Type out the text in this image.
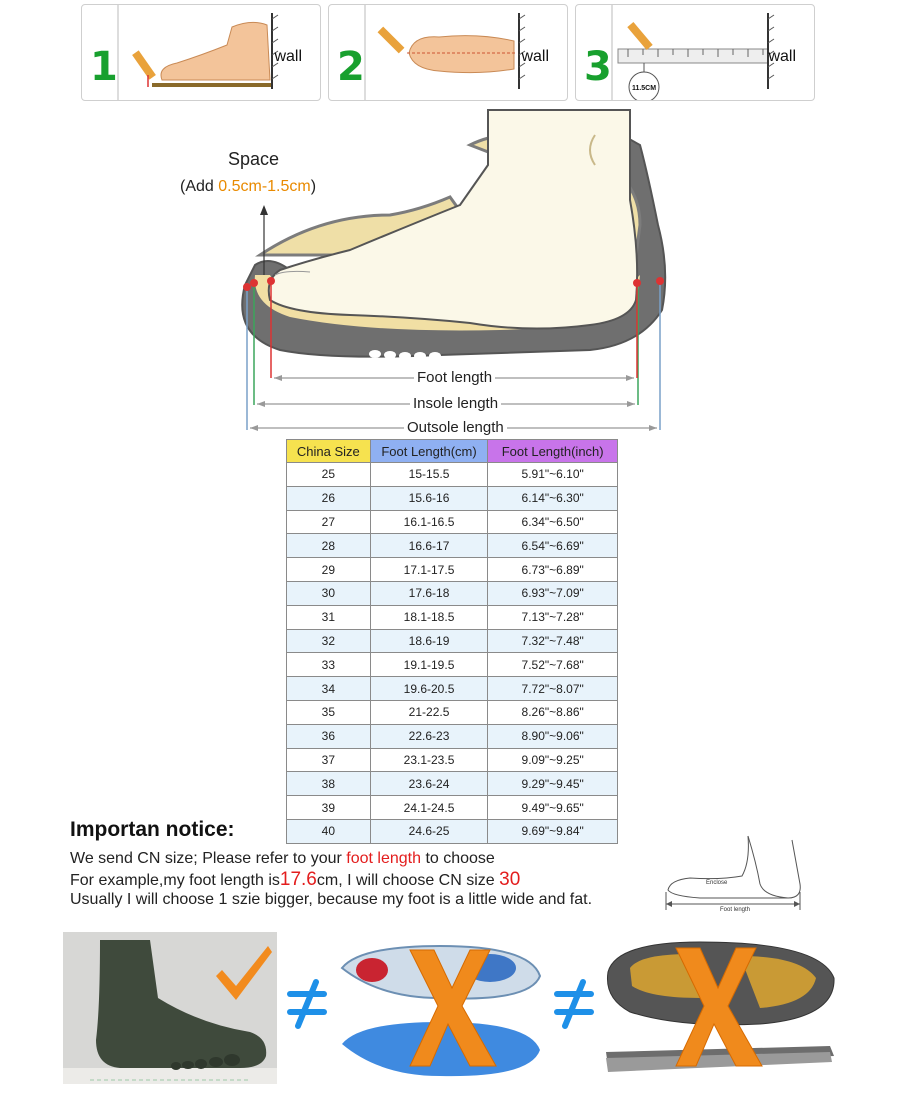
1	wall 2	wall
11.5CM
3	wall
Space
(Add 0.5cm-1.5cm)
Foot length
Insole length
Outsole length
China Size	Foot Length(cm)	Foot Length(inch)
25	15-15.5	5.91"~6.10"
26	15.6-16	6.14"~6.30"
27	16.1-16.5	6.34"~6.50"
28	16.6-17	6.54"~6.69"
29	17.1-17.5	6.73"~6.89"
30	17.6-18	6.93"~7.09"
31	18.1-18.5	7.13"~7.28"
32	18.6-19	7.32"~7.48"
33	19.1-19.5	7.52"~7.68"
34	19.6-20.5	7.72"~8.07"
35	21-22.5	8.26"~8.86"
36	22.6-23	8.90"~9.06"
37	23.1-23.5	9.09"~9.25"
38	23.6-24	9.29"~9.45"
39	24.1-24.5	9.49"~9.65"
40	24.6-25	9.69"~9.84"
Importan notice:
We send CN size; Please refer to your foot length to choose
For example,my foot length is17.6cm, I will choose CN size 30
Usually I will choose 1 szie bigger, because my foot is a little wide and fat.
Enclose
Foot length
